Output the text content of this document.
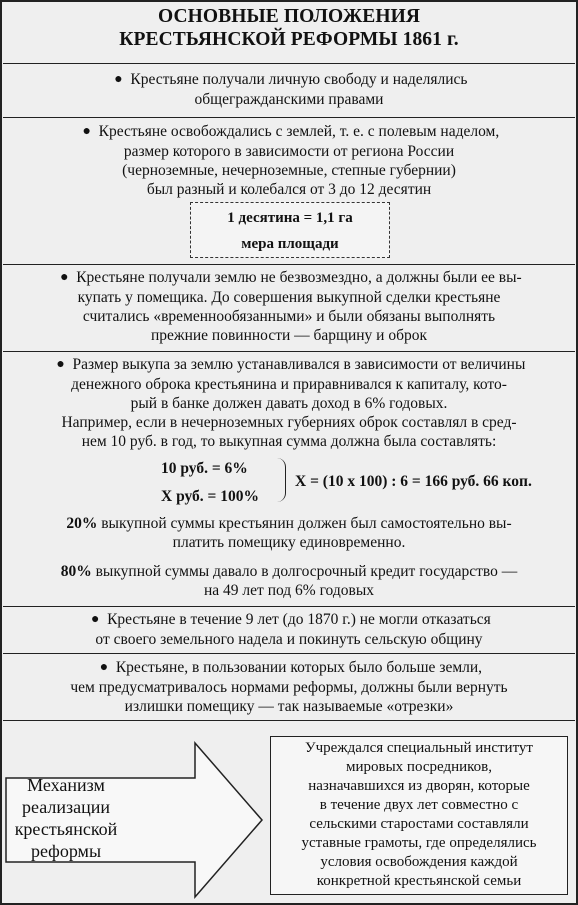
ОСНОВНЫЕ ПОЛОЖЕНИЯ
КРЕСТЬЯНСКОЙ РЕФОРМЫ 1861 г.
● Крестьяне получали личную свободу и наделялись
общегражданскими правами
● Крестьяне освобождались с землей, т. е. с полевым наделом,
размер которого в зависимости от региона России
(черноземные, нечерноземные, степные губернии)
был разный и колебался от 3 до 12 десятин
1 десятина = 1,1 га
мера площади
● Крестьяне получали землю не безвозмездно, а должны были ее вы-
купать у помещика. До совершения выкупной сделки крестьяне
считались «временнообязанными» и были обязаны выполнять
прежние повинности — барщину и оброк
● Размер выкупа за землю устанавливался в зависимости от величины
денежного оброка крестьянина и приравнивался к капиталу, кото-
рый в банке должен давать доход в 6% годовых.
Например, если в нечерноземных губерниях оброк составлял в сред-
нем 10 руб. в год, то выкупная сумма должна была составлять:
10 руб. = 6%
X руб. = 100%
X = (10 х 100) : 6 = 166 руб. 66 коп.
20% выкупной суммы крестьянин должен был самостоятельно вы-
платить помещику единовременно.
80% выкупной суммы давало в долгосрочный кредит государство —
на 49 лет под 6% годовых
● Крестьяне в течение 9 лет (до 1870 г.) не могли отказаться
от своего земельного надела и покинуть сельскую общину
● Крестьяне, в пользовании которых было больше земли,
чем предусматривалось нормами реформы, должны были вернуть
излишки помещику — так называемые «отрезки»
Механизм
реализации
крестьянской
реформы
Учреждался специальный институт
мировых посредников,
назначавшихся из дворян, которые
в течение двух лет совместно с
сельскими старостами составляли
уставные грамоты, где определялись
условия освобождения каждой
конкретной крестьянской семьи
